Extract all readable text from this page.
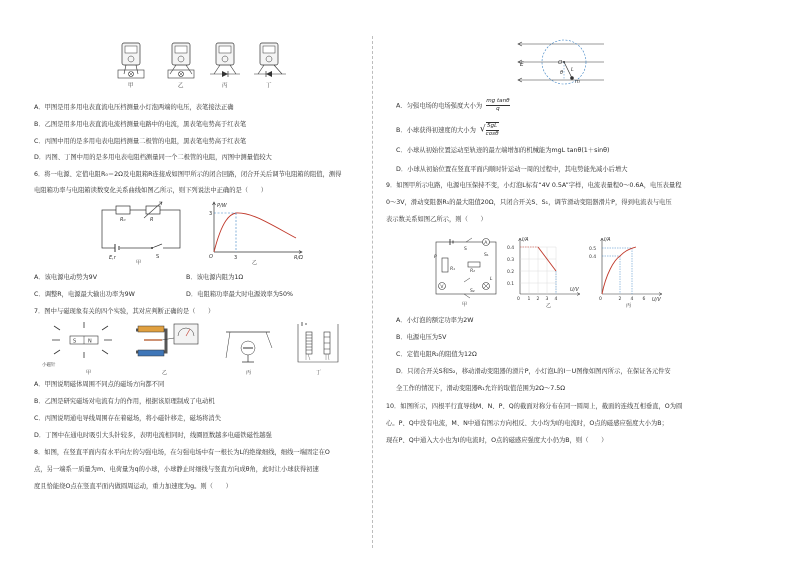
甲	乙	丙	丁
A．甲图是用多用电表直流电压档测量小灯泡两端的电压，表笔接法正确
B．乙图是用多用电表直流电流档测量电路中的电流，黑表笔电势高于红表笔
C．丙图中用的是多用电表电阻档测量二极管的电阻，黑表笔电势高于红表笔
D．丙图、丁图中用的是多用电表电阻档测量同一个二极管的电阻，丙图中测量值较大
6．将一电源、定值电阻R₀＝2Ω及电阻箱R连接成如图甲所示的闭合回路，闭合开关后调节电阻箱的阻值，测得
电阻箱功率与电阻箱读数变化关系曲线如图乙所示，则下列说法中正确的是（　　）
R₀	R
E,r	S
甲
P/W
R/Ω
3
3
O
乙
A．该电源电动势为9V	B．该电源内阻为1Ω
C．调整R，电源最大输出功率为9W	D．电阻箱功率最大时电源效率为50%
7．图中与磁现象有关的四个实验，其对应判断正确的是（　　）
S N
小磁针
甲	乙	丙	丁
A．甲图说明磁体周围不同点的磁场方向都不同
B．乙图是研究磁场对电流有力的作用，根据该原理制成了电动机
C．丙图说明通电导线周围存在着磁场，将小磁针移走，磁场将消失
D．丁图中在通电时吸引大头针较多，表明电流相同时，线圈匝数越多电磁铁磁性越强
8．如图，在竖直平面内有水平向左的匀强电场，在匀强电场中有一根长为L的绝缘细线，细线一端固定在O
点，另一端系一质量为m、电荷量为q的小球，小球静止时细线与竖直方向成θ角，此时让小球获得初速
度且恰能绕O点在竖直平面内做圆周运动，重力加速度为g。则（　　）
E	O
θ L
m
A．匀强电场的电场强度大小为 $\frac{\text{mg tanθ}}{q}$
B．小球获得初速度的大小为 √ $\frac{5gL}{\cos\theta}$
C．小球从初始位置运动至轨迹的最左端增加的机械能为mgL tanθ(1＋sinθ)
D．小球从初始位置在竖直平面内顺时针运动一周的过程中，其电势能先减小后增大
9．如图甲所示电路，电源电压保持不变，小灯泡L标有“4V 0.5A”字样，电流表量程0～0.6A，电压表量程
0～3V，滑动变阻器R₁的最大阻值20Ω，只闭合开关S、S₁，调节滑动变阻器滑片P，得到电流表与电压
表示数关系如图乙所示，则（　　）
A
V
S
S₁
P
R₁	R₂
S₂
L
甲
I/A
U/V
0.4
0.3
0.2
0.1
0 1 2 3 4
乙
I/A
U/V
0.5
0.4
0	2 4 6
丙
A．小灯泡的额定功率为2W
B．电源电压为5V
C．定值电阻R₂的阻值为12Ω
D．只闭合开关S和S₂，移动滑动变阻器的滑片P，小灯泡L的I－U图像如图丙所示，在保证各元件安
全工作的情况下，滑动变阻器R₁允许的取值范围为2Ω～7.5Ω
10．如图所示，四根平行直导线M、N、P、Q的截面对称分布在同一圆周上，截面的连线互相垂直，O为圆
心。P、Q中没有电流，M、N中通有图示方向相反、大小均为I的电流时，O点的磁感应强度大小为B；
现在P、Q中通入大小也为I的电流时，O点的磁感应强度大小仍为B，则（　　）
